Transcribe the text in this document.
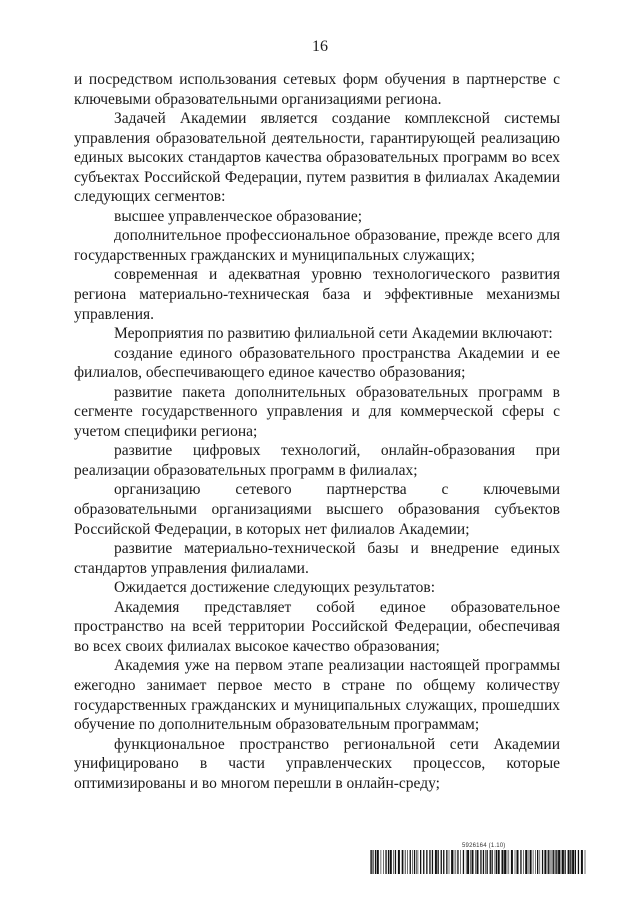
16

и посредством использования сетевых форм обучения в партнерстве с ключевыми образовательными организациями региона.

Задачей Академии является создание комплексной системы управления образовательной деятельности, гарантирующей реализацию единых высоких стандартов качества образовательных программ во всех субъектах Российской Федерации, путем развития в филиалах Академии следующих сегментов:

высшее управленческое образование;

дополнительное профессиональное образование, прежде всего для государственных гражданских и муниципальных служащих;

современная и адекватная уровню технологического развития региона материально-техническая база и эффективные механизмы управления.

Мероприятия по развитию филиальной сети Академии включают:

создание единого образовательного пространства Академии и ее филиалов, обеспечивающего единое качество образования;

развитие пакета дополнительных образовательных программ в сегменте государственного управления и для коммерческой сферы с учетом специфики региона;

развитие цифровых технологий, онлайн-образования при реализации образовательных программ в филиалах;

организацию сетевого партнерства с ключевыми образовательными организациями высшего образования субъектов Российской Федерации, в которых нет филиалов Академии;

развитие материально-технической базы и внедрение единых стандартов управления филиалами.

Ожидается достижение следующих результатов:

Академия представляет собой единое образовательное пространство на всей территории Российской Федерации, обеспечивая во всех своих филиалах высокое качество образования;

Академия уже на первом этапе реализации настоящей программы ежегодно занимает первое место в стране по общему количеству государственных гражданских и муниципальных служащих, прошедших обучение по дополнительным образовательным программам;

функциональное пространство региональной сети Академии унифицировано в части управленческих процессов, которые оптимизированы и во многом перешли в онлайн-среду;

5926164 (1.10)
